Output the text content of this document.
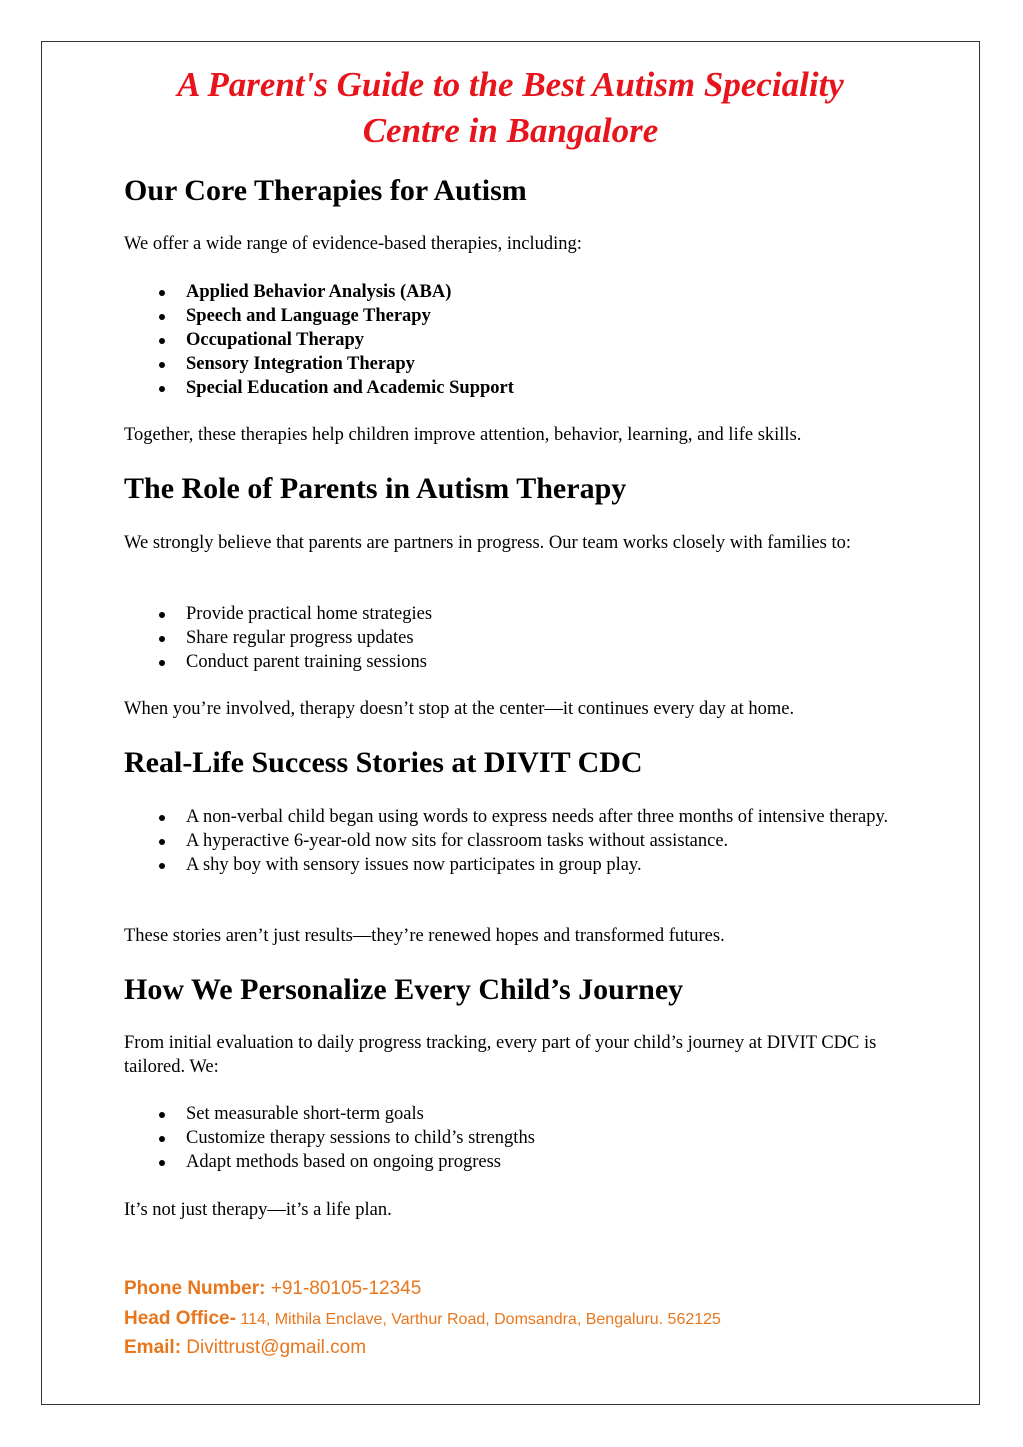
A Parent's Guide to the Best Autism Speciality
Centre in Bangalore
Our Core Therapies for Autism

We offer a wide range of evidence-based therapies, including:

Applied Behavior Analysis (ABA)
Speech and Language Therapy
Occupational Therapy
Sensory Integration Therapy
Special Education and Academic Support

Together, these therapies help children improve attention, behavior, learning, and life skills.

The Role of Parents in Autism Therapy

We strongly believe that parents are partners in progress. Our team works closely with families to:

Provide practical home strategies
Share regular progress updates
Conduct parent training sessions

When you’re involved, therapy doesn’t stop at the center—it continues every day at home.

Real-Life Success Stories at DIVIT CDC
A non-verbal child began using words to express needs after three months of intensive therapy.
A hyperactive 6-year-old now sits for classroom tasks without assistance.
A shy boy with sensory issues now participates in group play.

These stories aren’t just results—they’re renewed hopes and transformed futures.

How We Personalize Every Child’s Journey

From initial evaluation to daily progress tracking, every part of your child’s journey at DIVIT CDC is tailored. We:

Set measurable short-term goals
Customize therapy sessions to child’s strengths
Adapt methods based on ongoing progress

It’s not just therapy—it’s a life plan.

Phone Number: +91-80105-12345
Head Office- 114, Mithila Enclave, Varthur Road, Domsandra, Bengaluru. 562125
Email: Divittrust@gmail.com
